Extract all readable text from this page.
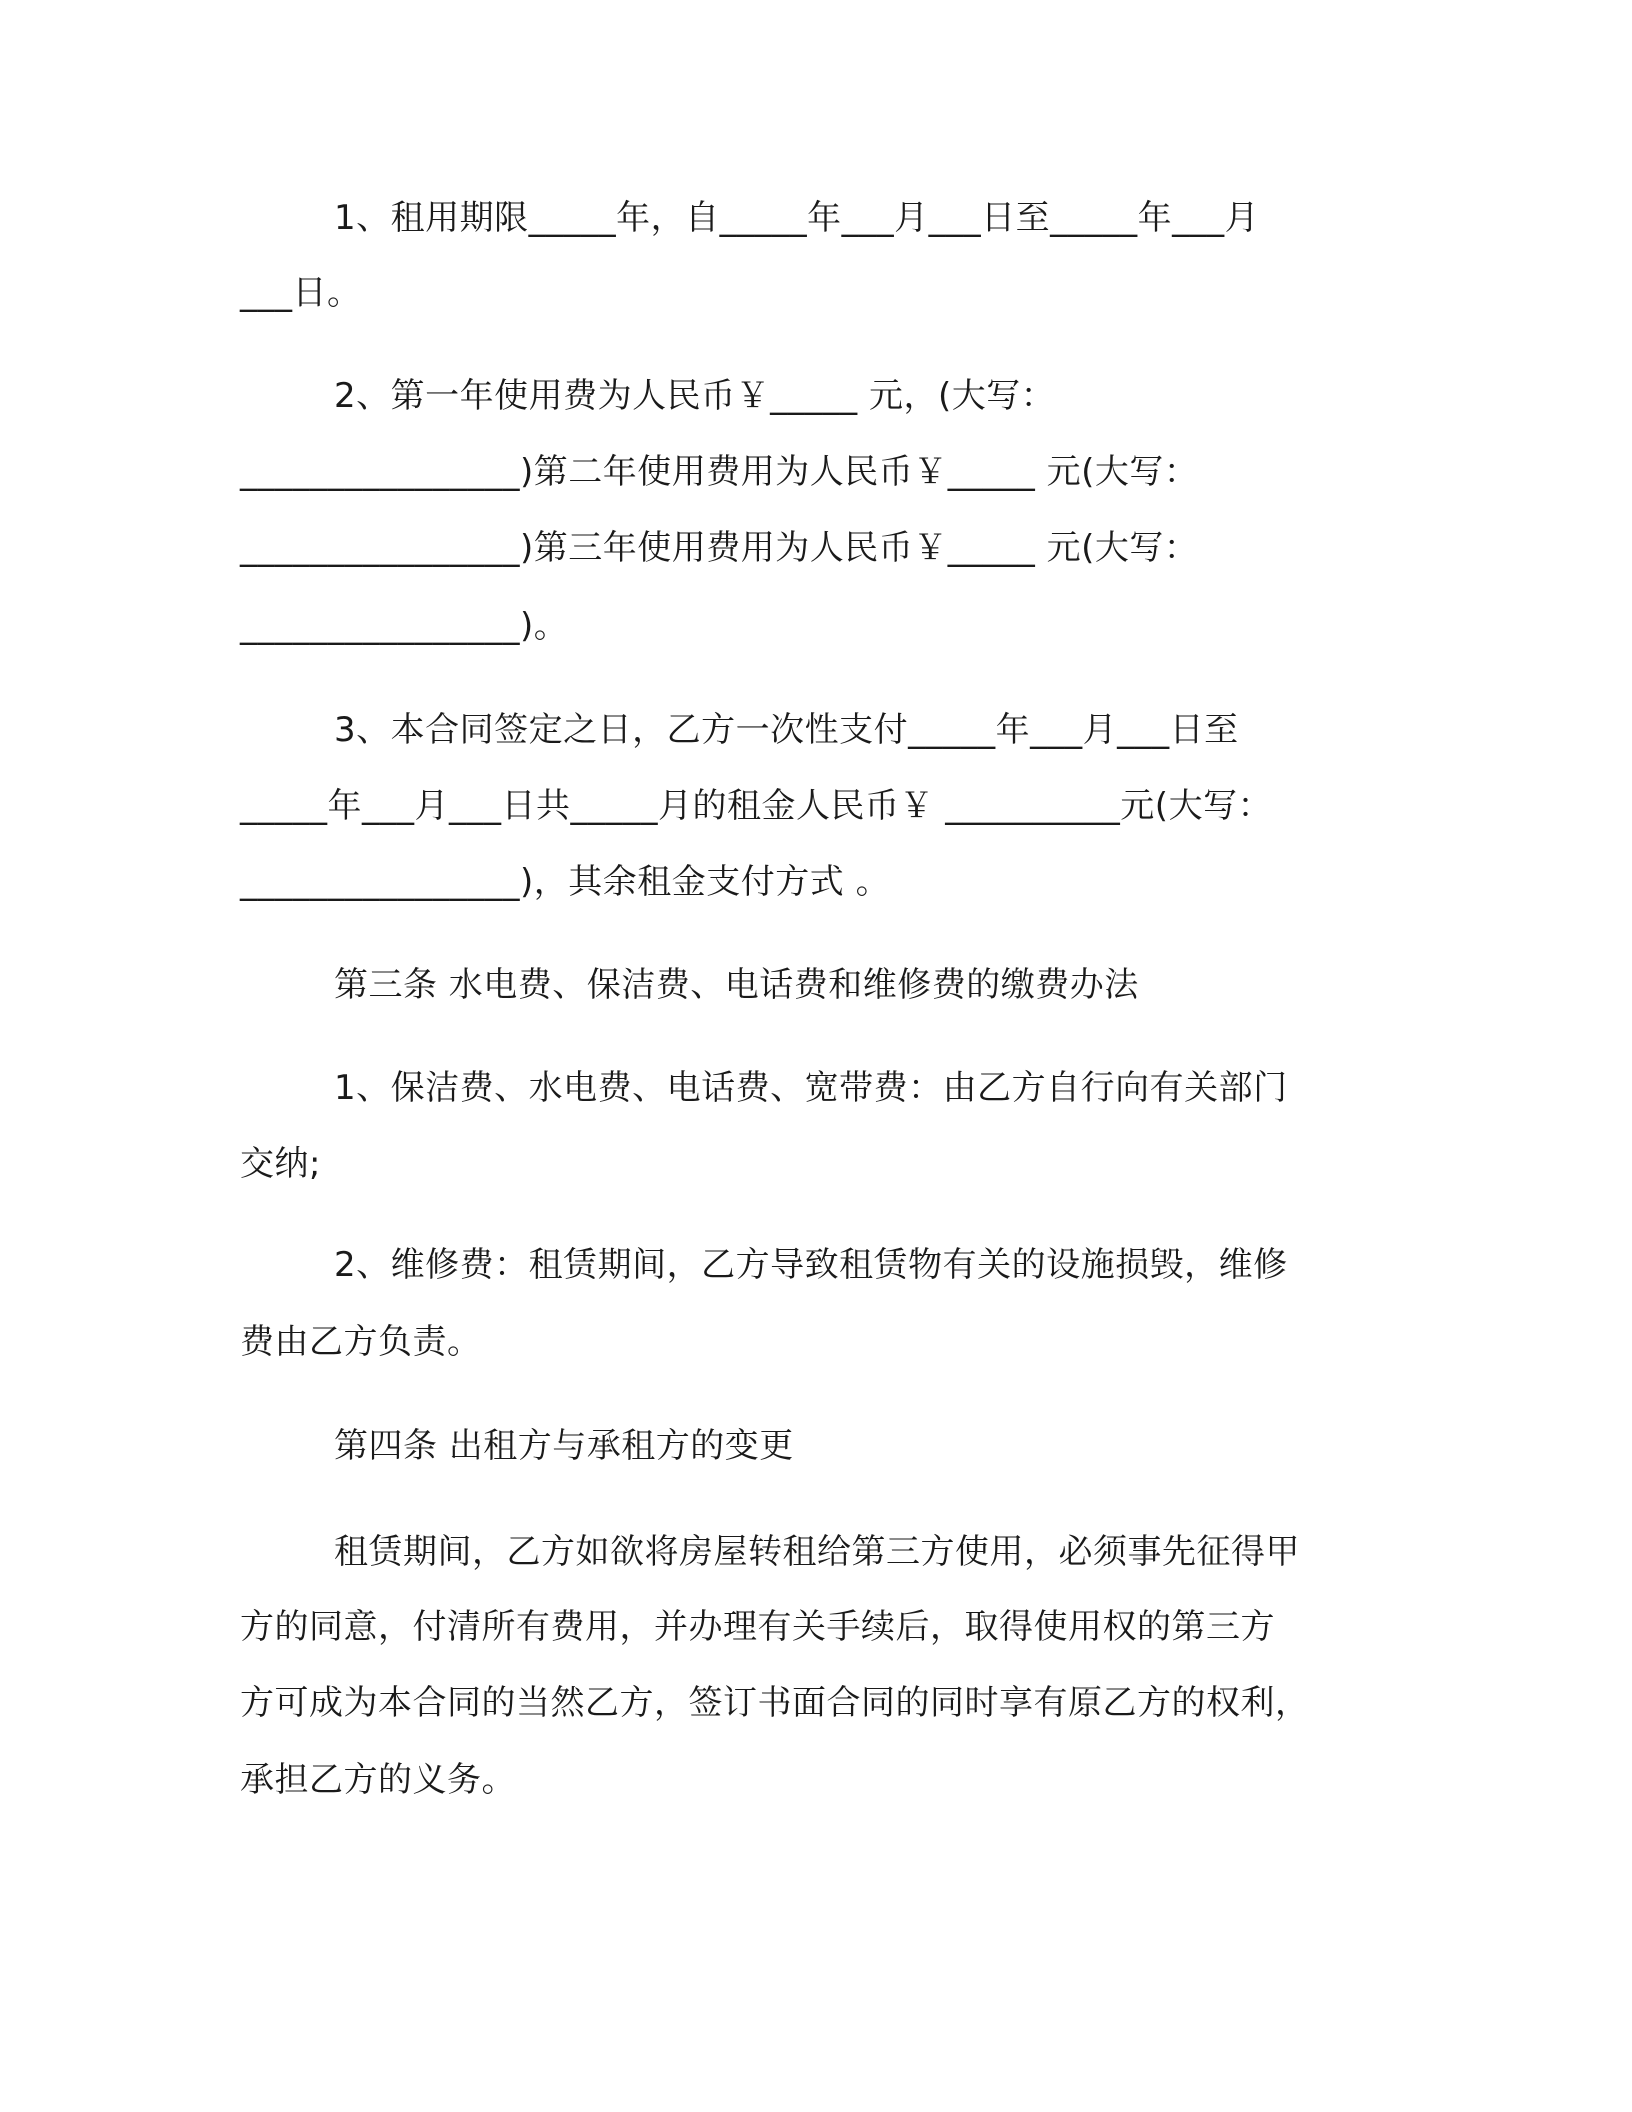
1、租用期限_____年，自_____年___月___日至_____年___月
___日。
2、第一年使用费为人民币￥_____ 元，(大写：
________________)第二年使用费用为人民币￥_____ 元(大写：
________________)第三年使用费用为人民币￥_____ 元(大写：
________________)。
3、本合同签定之日，乙方一次性支付_____年___月___日至
_____年___月___日共_____月的租金人民币￥ __________元(大写：
________________)，其余租金支付方式 。
第三条 水电费、保洁费、电话费和维修费的缴费办法
1、保洁费、水电费、电话费、宽带费：由乙方自行向有关部门
交纳;
2、维修费：租赁期间，乙方导致租赁物有关的设施损毁，维修
费由乙方负责。
第四条 出租方与承租方的变更
租赁期间，乙方如欲将房屋转租给第三方使用，必须事先征得甲
方的同意，付清所有费用，并办理有关手续后，取得使用权的第三方
方可成为本合同的当然乙方，签订书面合同的同时享有原乙方的权利，
承担乙方的义务。
